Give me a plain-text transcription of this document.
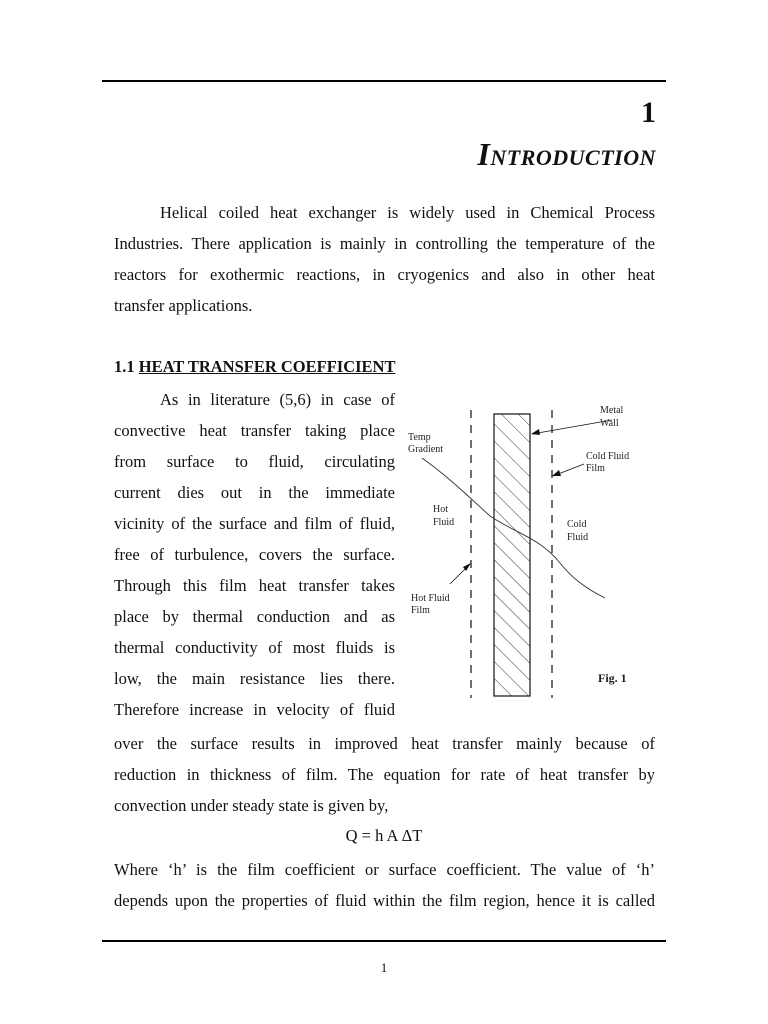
1
INTRODUCTION
Helical coiled heat exchanger is widely used in Chemical Process
Industries. There application is mainly in controlling the temperature of the
reactors for exothermic reactions, in cryogenics and also in other heat
transfer applications.
1.1 HEAT TRANSFER COEFFICIENT
As in literature (5,6) in case of
convective heat transfer taking place
from surface to fluid, circulating
current dies out in the immediate
vicinity of the surface and film of fluid,
free of turbulence, covers the surface.
Through this film heat transfer takes
place by thermal conduction and as
thermal conductivity of most fluids is
low, the main resistance lies there.
Therefore increase in velocity of fluid
Metal Wall
Temp Gradient
Cold Fluid Film
Hot Fluid	Cold Fluid
Hot Fluid Film
Fig. 1
over the surface results in improved heat transfer mainly because of
reduction in thickness of film. The equation for rate of heat transfer by
convection under steady state is given by,
Q = h A ΔT
Where ‘h’ is the film coefficient or surface coefficient. The value of ‘h’
depends upon the properties of fluid within the film region, hence it is called
1
